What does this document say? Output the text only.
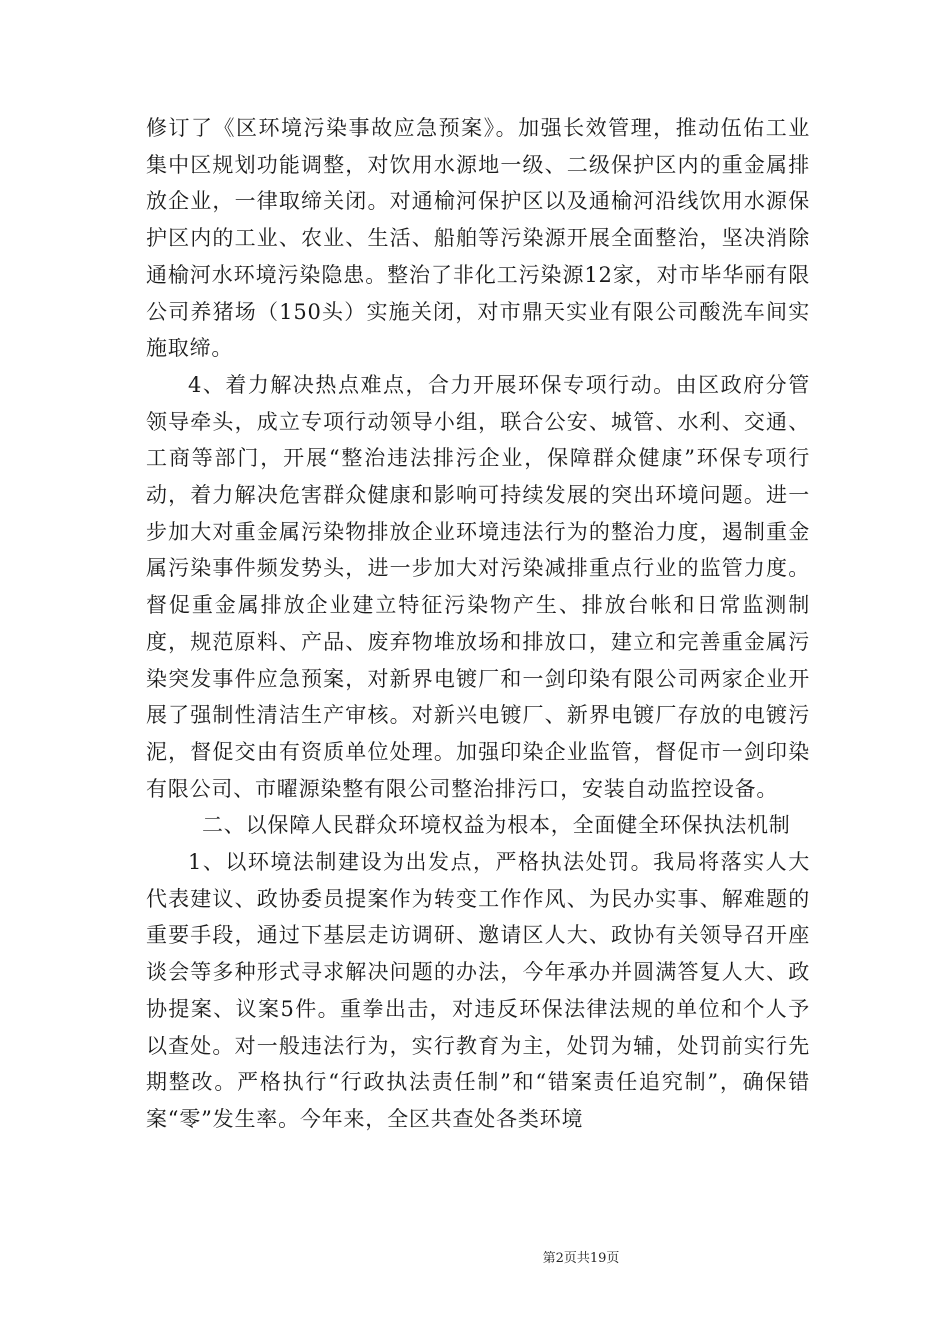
修订了《区环境污染事故应急预案》。加强长效管理，推动伍佑工业集中区规划功能调整，对饮用水源地一级、二级保护区内的重金属排放企业，一律取缔关闭。对通榆河保护区以及通榆河沿线饮用水源保护区内的工业、农业、生活、船舶等污染源开展全面整治，坚决消除通榆河水环境污染隐患。整治了非化工污染源12家，对市毕华丽有限公司养猪场（150头）实施关闭，对市鼎天实业有限公司酸洗车间实施取缔。

4、着力解决热点难点，合力开展环保专项行动。由区政府分管领导牵头，成立专项行动领导小组，联合公安、城管、水利、交通、工商等部门，开展“整治违法排污企业，保障群众健康”环保专项行动，着力解决危害群众健康和影响可持续发展的突出环境问题。进一步加大对重金属污染物排放企业环境违法行为的整治力度，遏制重金属污染事件频发势头，进一步加大对污染减排重点行业的监管力度。督促重金属排放企业建立特征污染物产生、排放台帐和日常监测制度，规范原料、产品、废弃物堆放场和排放口，建立和完善重金属污染突发事件应急预案，对新界电镀厂和一剑印染有限公司两家企业开展了强制性清洁生产审核。对新兴电镀厂、新界电镀厂存放的电镀污泥，督促交由有资质单位处理。加强印染企业监管，督促市一剑印染有限公司、市曜源染整有限公司整治排污口，安装自动监控设备。

二、以保障人民群众环境权益为根本，全面健全环保执法机制

1、以环境法制建设为出发点，严格执法处罚。我局将落实人大代表建议、政协委员提案作为转变工作作风、为民办实事、解难题的重要手段，通过下基层走访调研、邀请区人大、政协有关领导召开座谈会等多种形式寻求解决问题的办法，今年承办并圆满答复人大、政协提案、议案5件。重拳出击，对违反环保法律法规的单位和个人予以查处。对一般违法行为，实行教育为主，处罚为辅，处罚前实行先期整改。严格执行“行政执法责任制”和“错案责任追究制”，确保错案“零”发生率。今年来，全区共查处各类环境

第2页共19页
